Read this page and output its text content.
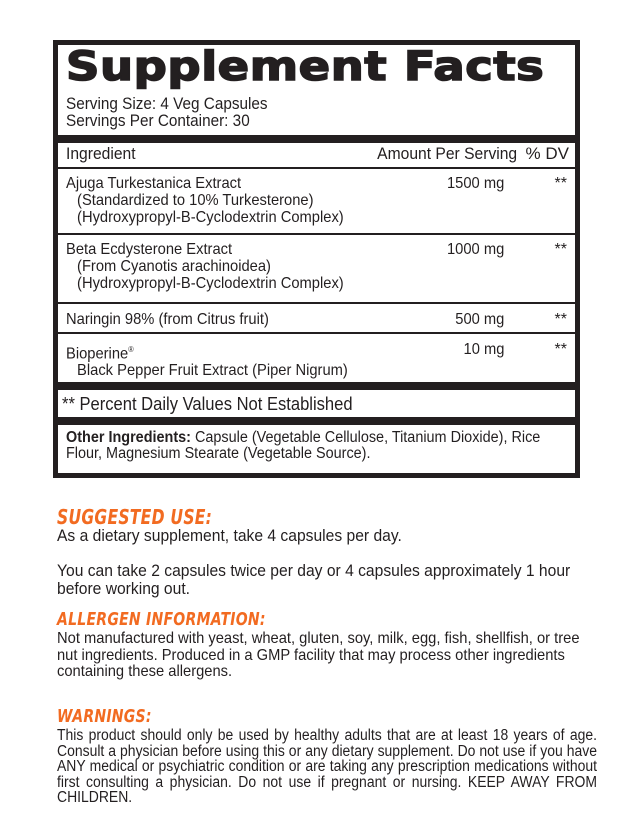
Supplement Facts
Serving Size: 4 Veg Capsules
Servings Per Container: 30
Ingredient	Amount Per Serving % DV
Ajuga Turkestanica Extract
(Standardized to 10% Turkesterone)
(Hydroxypropyl-B-Cyclodextrin Complex)
1500 mg	**
Beta Ecdysterone Extract
(From Cyanotis arachinoidea)
(Hydroxypropyl-B-Cyclodextrin Complex)
1000 mg	**
Naringin 98% (from Citrus fruit)	500 mg	**
Bioperine®
Black Pepper Fruit Extract (Piper Nigrum)
10 mg	**
** Percent Daily Values Not Established
Other Ingredients: Capsule (Vegetable Cellulose, Titanium Dioxide), Rice Flour, Magnesium Stearate (Vegetable Source).
SUGGESTED USE:
As a dietary supplement, take 4 capsules per day.
You can take 2 capsules twice per day or 4 capsules approximately 1 hour before working out.
ALLERGEN INFORMATION:
Not manufactured with yeast, wheat, gluten, soy, milk, egg, fish, shellfish, or tree nut ingredients. Produced in a GMP facility that may process other ingredients containing these allergens.
WARNINGS:
This product should only be used by healthy adults that are at least 18 years of age. Consult a physician before using this or any dietary supplement. Do not use if you have ANY medical or psychiatric condition or are taking any prescription medications without first consulting a physician. Do not use if pregnant or nursing. KEEP AWAY FROM CHILDREN.
